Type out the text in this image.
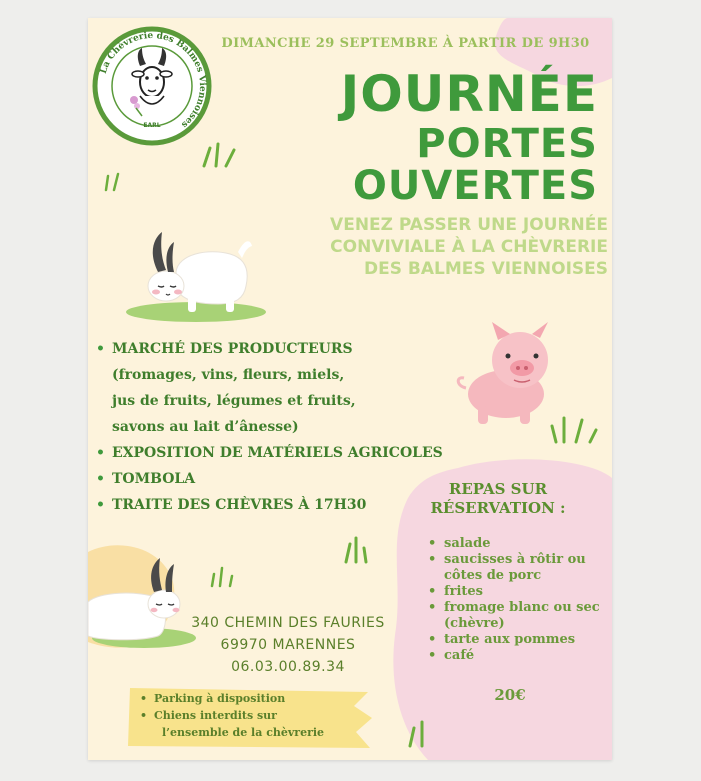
EARL
La Chèvrerie des Balmes Viennoises
DIMANCHE 29 SEPTEMBRE À PARTIR DE 9H30
JOURNÉE
PORTES
OUVERTES
VENEZ PASSER UNE JOURNÉE
CONVIVIALE À LA CHÈVRERIE
DES BALMES VIENNOISES
• MARCHÉ DES PRODUCTEURS
(fromages, vins, fleurs, miels,
jus de fruits, légumes et fruits,
savons au lait d’ânesse)
• EXPOSITION DE MATÉRIELS AGRICOLES
• TOMBOLA
• TRAITE DES CHÈVRES À 17H30
REPAS SUR
RÉSERVATION :
• salade
• saucisses à rôtir ou côtes de porc
• frites
• fromage blanc ou sec (chèvre)
• tarte aux pommes
• café
20€
340 CHEMIN DES FAURIES
69970 MARENNES
06.03.00.89.34
• Parking à disposition
• Chiens interdits sur
l’ensemble de la chèvrerie
